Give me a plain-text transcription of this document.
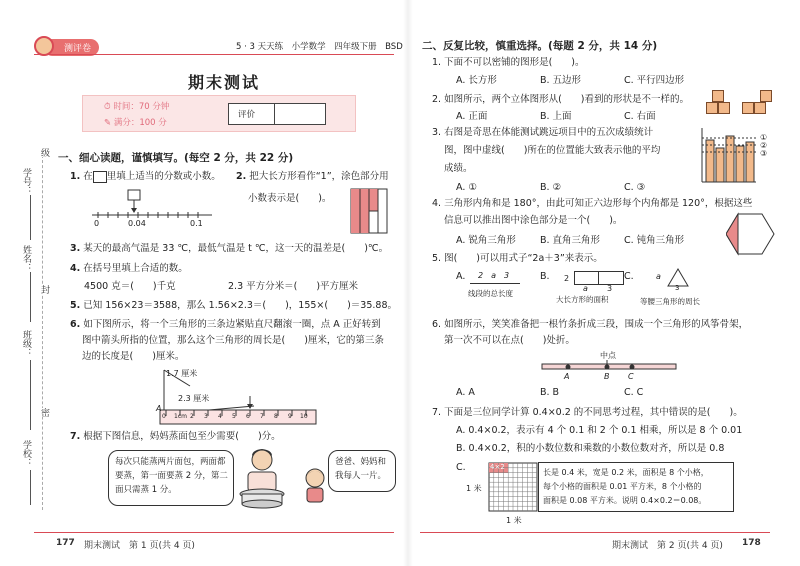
测评卷	5 · 3 天天练　小学数学　四年级下册　BSD
期末测试
⏱ 时间：70 分钟
✎ 满分：100 分
评价
学号：
级
姓名：
封
班级：
密
学校：
一、细心读题，谨慎填写。(每空 2 分，共 22 分)
1. 在 里填上适当的分数或小数。
0	0.04	0.1
2. 把大长方形看作“1”，涂色部分用
小数表示是(　　)。
3. 某天的最高气温是 33 ℃，最低气温是 t ℃，这一天的温差是(　　)℃。
4. 在括号里填上合适的数。
4500 克＝(　　)千克	2.3 平方分米＝(　　)平方厘米
5. 已知 156×23＝3588，那么 1.56×2.3＝(　　)，155×(　　)＝35.88。
6. 如下图所示，将一个三角形的三条边紧贴直尺翻滚一圈，点 A 正好转到
图中箭头所指的位置，那么这个三角形的周长是(　　)厘米，它的第三条
边的长度是(　　)厘米。
1.7 厘米
2.3 厘米
A
0 1cm 2 3 4 5 6 7 8 9 10
7. 根据下图信息，妈妈蒸面包至少需要(　　)分。
每次只能蒸两片面包，两面都
要蒸，第一面要蒸 2 分，第二
面只需蒸 1 分。
爸爸、妈妈和
我每人一片。
177 期末测试　第 1 页(共 4 页)
二、反复比较，慎重选择。(每题 2 分，共 14 分)
1. 下面不可以密铺的图形是(　　)。
A. 长方形	B. 五边形	C. 平行四边形
2. 如图所示，两个立体图形从(　　)看到的形状是不一样的。
A. 正面	B. 上面	C. 右面
3. 右图是奇思在体能测试跳远项目中的五次成绩统计
图，图中虚线(　　)所在的位置能大致表示他的平均
成绩。
A. ①	B. ②	C. ③
①
②
③
4. 三角形内角和是 180°，由此可知正六边形每个内角都是 120°，根据这些
信息可以推出图中涂色部分是一个(　　)。
A. 锐角三角形	B. 直角三角形	C. 钝角三角形
5. 图(　　)可以用式子“2a＋3”来表示。
A. 2　a　3
线段的总长度
B. 2
a 3
大长方形的面积
C.	a
3
等腰三角形的周长
6. 如图所示，笑笑准备把一根竹条折成三段，围成一个三角形的风筝骨架，
第一次不可以在点(　　)处折。
中点
A	B C
A. A	B. B	C. C
7. 下面是三位同学计算 0.4×0.2 的不同思考过程，其中错误的是(　　)。
A. 0.4×0.2，表示有 4 个 0.1 和 2 个 0.1 相乘，所以是 8 个 0.01
B. 0.4×0.2，积的小数位数和乘数的小数位数对齐，所以是 0.8
C.	4×2
1 米
1 米
长是 0.4 米，宽是 0.2 米，面积是 8 个小格，
每个小格的面积是 0.01 平方米，8 个小格的
面积是 0.08 平方米。说明 0.4×0.2＝0.08。
期末测试　第 2 页(共 4 页) 178
